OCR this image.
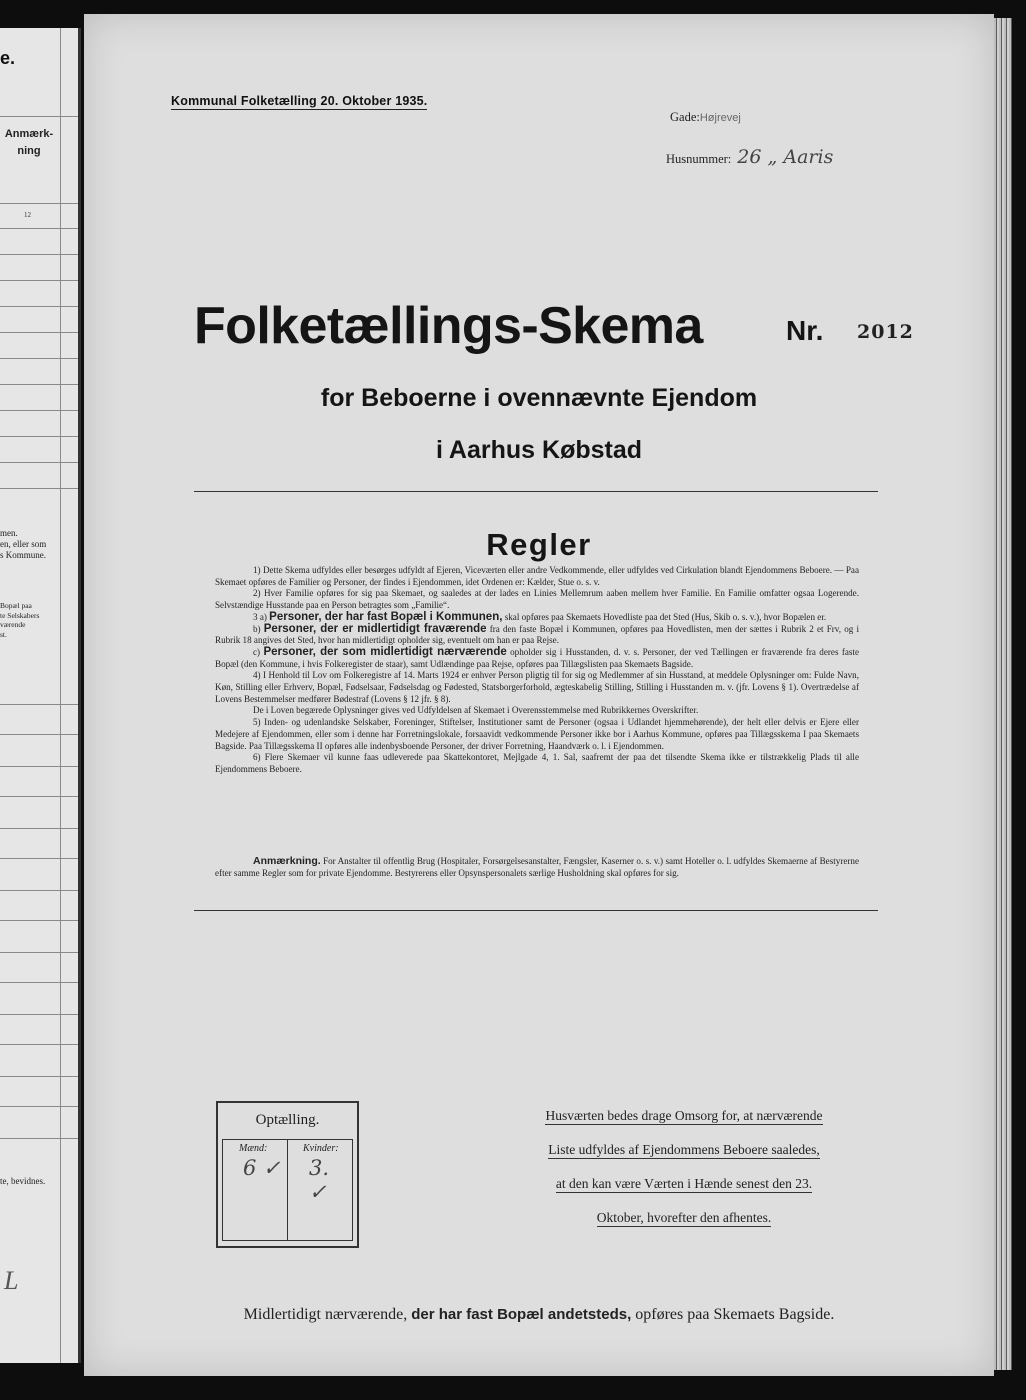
e.
Anmærk-
ning
12
men.
en, eller som
s Kommune.
Bopæl paa
te Selskabers
værende
st.
te, bevidnes.
L
Kommunal Folketælling 20. Oktober 1935.
Gade:Højrevej
Husnummer: 26 „ Aaris
Folketællings-Skema	Nr. 2012
for Beboerne i ovennævnte Ejendom
i Aarhus Købstad
Regler

1) Dette Skema udfyldes eller besørges udfyldt af Ejeren, Viceværten eller andre Vedkommende, eller udfyldes ved Cirkulation blandt Ejendommens Beboere. — Paa Skemaet opføres de Familier og Personer, der findes i Ejendommen, idet Ordenen er: Kælder, Stue o. s. v.

2) Hver Familie opføres for sig paa Skemaet, og saaledes at der lades en Linies Mellemrum aaben mellem hver Familie. En Familie omfatter ogsaa Logerende. Selvstændige Husstande paa en Person betragtes som „Familie“.

3 a) Personer, der har fast Bopæl i Kommunen, skal opføres paa Skemaets Hovedliste paa det Sted (Hus, Skib o. s. v.), hvor Bopælen er.

b) Personer, der er midlertidigt fraværende fra den faste Bopæl i Kommunen, opføres paa Hovedlisten, men der sættes i Rubrik 2 et Frv, og i Rubrik 18 angives det Sted, hvor han midlertidigt opholder sig, eventuelt om han er paa Rejse.

c) Personer, der som midlertidigt nærværende opholder sig i Husstanden, d. v. s. Personer, der ved Tællingen er fraværende fra deres faste Bopæl (den Kommune, i hvis Folkeregister de staar), samt Udlændinge paa Rejse, opføres paa Tillægslisten paa Skemaets Bagside.

4) I Henhold til Lov om Folkeregistre af 14. Marts 1924 er enhver Person pligtig til for sig og Medlemmer af sin Husstand, at meddele Oplysninger om: Fulde Navn, Køn, Stilling eller Erhverv, Bopæl, Fødselsaar, Fødselsdag og Fødested, Statsborgerforhold, ægteskabelig Stilling, Stilling i Husstanden m. v. (jfr. Lovens § 1). Overtrædelse af Lovens Bestemmelser medfører Bødestraf (Lovens § 12 jfr. § 8).

De i Loven begærede Oplysninger gives ved Udfyldelsen af Skemaet i Overensstemmelse med Rubrikkernes Overskrifter.

5) Inden- og udenlandske Selskaber, Foreninger, Stiftelser, Institutioner samt de Personer (ogsaa i Udlandet hjemmehørende), der helt eller delvis er Ejere eller Medejere af Ejendommen, eller som i denne har Forretningslokale, forsaavidt vedkommende Personer ikke bor i Aarhus Kommune, opføres paa Tillægsskema I paa Skemaets Bagside. Paa Tillægsskema II opføres alle indenbysboende Personer, der driver Forretning, Haandværk o. l. i Ejendommen.

6) Flere Skemaer vil kunne faas udleverede paa Skattekontoret, Mejlgade 4, 1. Sal, saafremt der paa det tilsendte Skema ikke er tilstrækkelig Plads til alle Ejendommens Beboere.

Anmærkning. For Anstalter til offentlig Brug (Hospitaler, Forsørgelsesanstalter, Fængsler, Kaserner o. s. v.) samt Hoteller o. l. udfyldes Skemaerne af Bestyrerne efter samme Regler som for private Ejendomme. Bestyrerens eller Opsynspersonalets særlige Husholdning skal opføres for sig.

Optælling.
Mænd:
6 ✓
Kvinder:
3. ✓
Husværten bedes drage Omsorg for, at nærværende
Liste udfyldes af Ejendommens Beboere saaledes,
at den kan være Værten i Hænde senest den 23.
Oktober, hvorefter den afhentes.
Midlertidigt nærværende, der har fast Bopæl andetsteds, opføres paa Skemaets Bagside.
